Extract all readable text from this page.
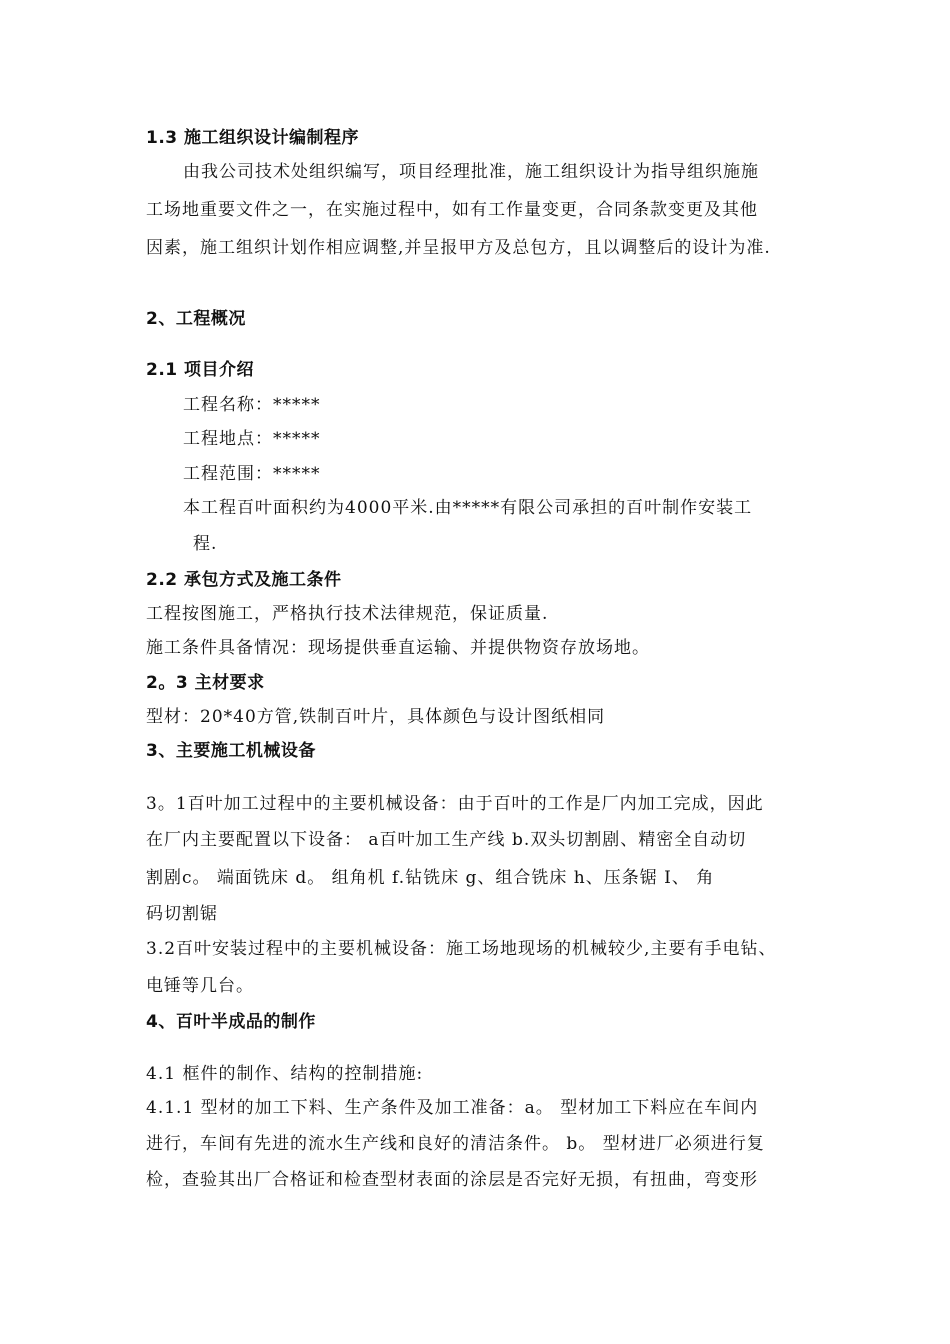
1.3 施工组织设计编制程序

由我公司技术处组织编写，项目经理批准，施工组织设计为指导组织施施

工场地重要文件之一，在实施过程中，如有工作量变更，合同条款变更及其他

因素，施工组织计划作相应调整,并呈报甲方及总包方，且以调整后的设计为准.

2、工程概况
2.1 项目介绍

工程名称：*****

工程地点：*****

工程范围：*****

本工程百叶面积约为4000平米.由*****有限公司承担的百叶制作安装工

程.

2.2 承包方式及施工条件

工程按图施工，严格执行技术法律规范，保证质量.

施工条件具备情况：现场提供垂直运输、并提供物资存放场地。

2。3 主材要求

型材：20*40方管,铁制百叶片，具体颜色与设计图纸相同

3、主要施工机械设备

3。1百叶加工过程中的主要机械设备：由于百叶的工作是厂内加工完成，因此

在厂内主要配置以下设备： a百叶加工生产线 b.双头切割剧、精密全自动切

割剧c。 端面铣床 d。 组角机 f.钻铣床 g、组合铣床 h、压条锯 I、 角

码切割锯

3.2百叶安装过程中的主要机械设备：施工场地现场的机械较少,主要有手电钻、

电锤等几台。

4、百叶半成品的制作

4.1 框件的制作、结构的控制措施:

4.1.1 型材的加工下料、生产条件及加工准备：a。 型材加工下料应在车间内

进行，车间有先进的流水生产线和良好的清洁条件。 b。 型材进厂必须进行复

检，查验其出厂合格证和检查型材表面的涂层是否完好无损，有扭曲，弯变形
